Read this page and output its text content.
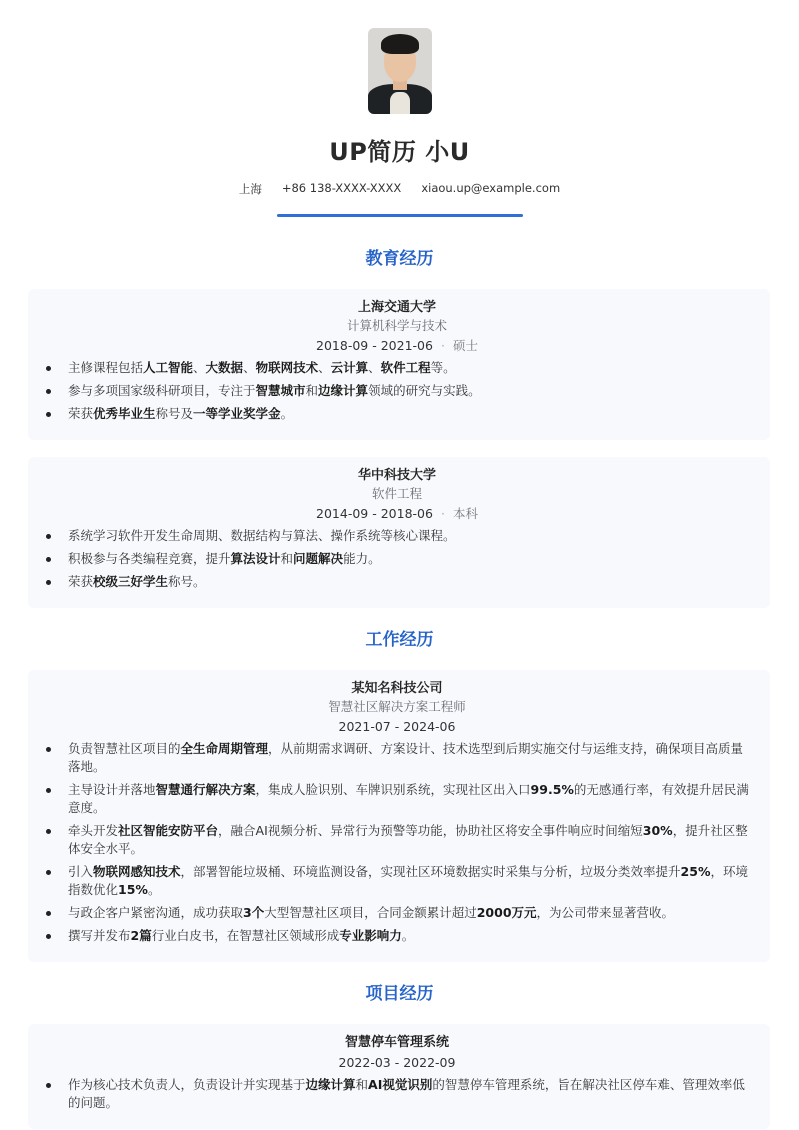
UP简历 小U
上海 +86 138-XXXX-XXXX xiaou.up@example.com
教育经历
上海交通大学
计算机科学与技术
2018-09 - 2021-06 · 硕士
主修课程包括人工智能、大数据、物联网技术、云计算、软件工程等。
参与多项国家级科研项目，专注于智慧城市和边缘计算领域的研究与实践。
荣获优秀毕业生称号及一等学业奖学金。
华中科技大学
软件工程
2014-09 - 2018-06 · 本科
系统学习软件开发生命周期、数据结构与算法、操作系统等核心课程。
积极参与各类编程竞赛，提升算法设计和问题解决能力。
荣获校级三好学生称号。
工作经历
某知名科技公司
智慧社区解决方案工程师
2021-07 - 2024-06
负责智慧社区项目的全生命周期管理，从前期需求调研、方案设计、技术选型到后期实施交付与运维支持，确保项目高质量落地。
主导设计并落地智慧通行解决方案，集成人脸识别、车牌识别系统，实现社区出入口99.5%的无感通行率，有效提升居民满意度。
牵头开发社区智能安防平台，融合AI视频分析、异常行为预警等功能，协助社区将安全事件响应时间缩短30%，提升社区整体安全水平。
引入物联网感知技术，部署智能垃圾桶、环境监测设备，实现社区环境数据实时采集与分析，垃圾分类效率提升25%，环境指数优化15%。
与政企客户紧密沟通，成功获取3个大型智慧社区项目，合同金额累计超过2000万元，为公司带来显著营收。
撰写并发布2篇行业白皮书，在智慧社区领域形成专业影响力。
项目经历
智慧停车管理系统
2022-03 - 2022-09
作为核心技术负责人，负责设计并实现基于边缘计算和AI视觉识别的智慧停车管理系统，旨在解决社区停车难、管理效率低的问题。
